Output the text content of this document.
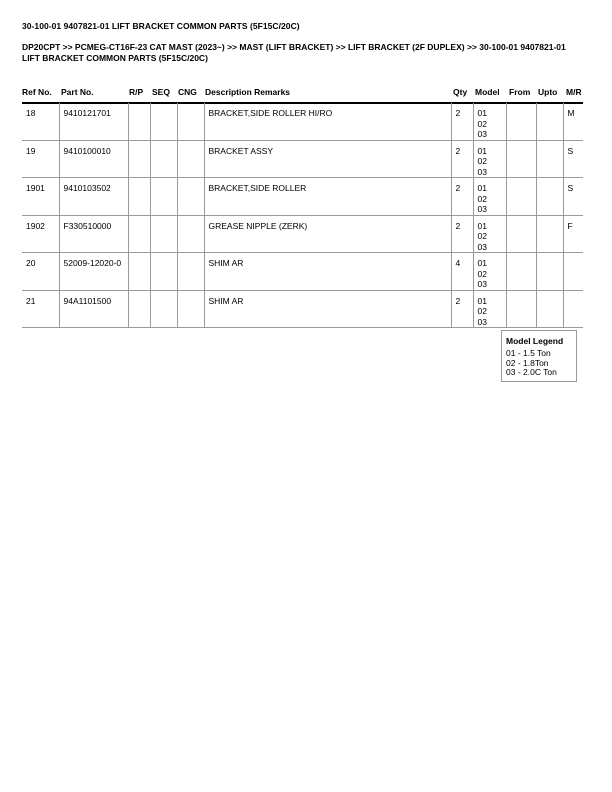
30-100-01 9407821-01 LIFT BRACKET COMMON PARTS (5F15C/20C)
DP20CPT >> PCMEG-CT16F-23 CAT MAST (2023~) >> MAST (LIFT BRACKET) >> LIFT BRACKET (2F DUPLEX) >> 30-100-01 9407821-01 LIFT BRACKET COMMON PARTS (5F15C/20C)
Ref No. Part No.	R/P SEQ CNG Description Remarks	Qty Model From Upto M/R
18	9410121701				BRACKET,SIDE ROLLER HI/RO	2	01
02
03			M
19	9410100010				BRACKET ASSY	2	01
02
03			S
1901	9410103502				BRACKET,SIDE ROLLER	2	01
02
03			S
1902	F330510000				GREASE NIPPLE (ZERK)	2	01
02
03			F
20	52009-12020-0				SHIM AR	4	01
02
03			

21	94A1101500				SHIM AR	2	01
02
03			

Model Legend
01 - 1.5 Ton
02 - 1.8Ton
03 - 2.0C Ton
